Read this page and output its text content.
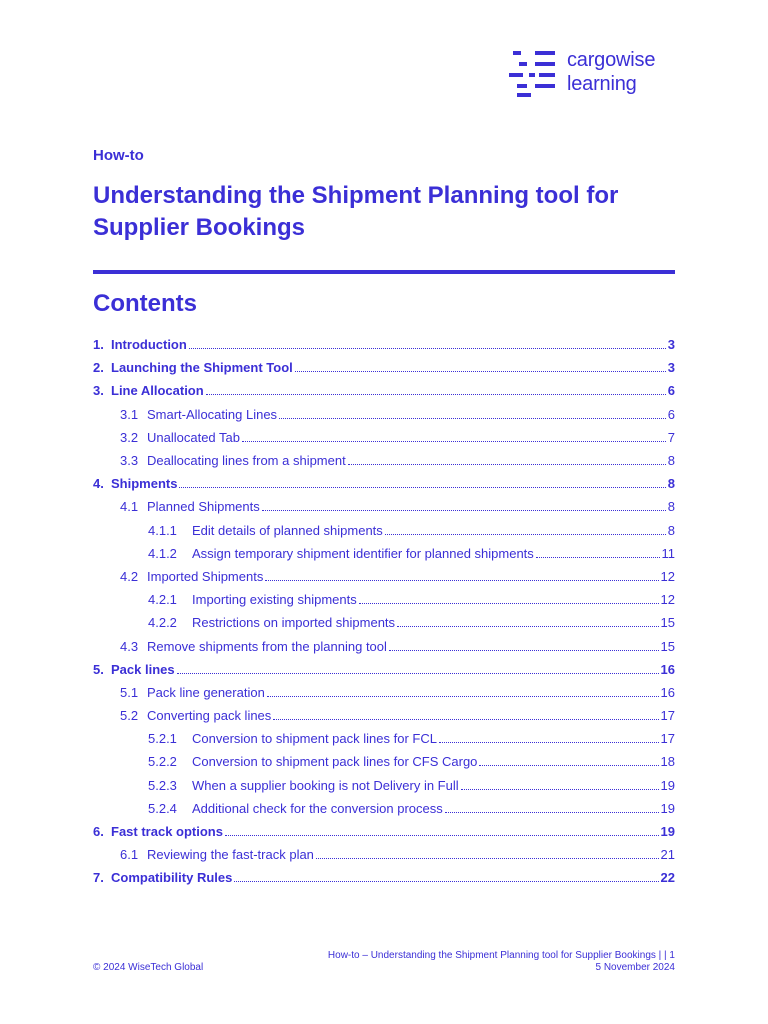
cargowise
learning
How-to
Understanding the Shipment Planning tool for Supplier Bookings
Contents
1. Introduction	3
2. Launching the Shipment Tool	3
3. Line Allocation	6
3.1 Smart-Allocating Lines	6
3.2 Unallocated Tab	7
3.3 Deallocating lines from a shipment	8
4. Shipments	8
4.1 Planned Shipments	8
4.1.1	Edit details of planned shipments	8
4.1.2	Assign temporary shipment identifier for planned shipments	11
4.2 Imported Shipments	12
4.2.1	Importing existing shipments	12
4.2.2	Restrictions on imported shipments	15
4.3 Remove shipments from the planning tool	15
5. Pack lines	16
5.1 Pack line generation	16
5.2 Converting pack lines	17
5.2.1	Conversion to shipment pack lines for FCL	17
5.2.2	Conversion to shipment pack lines for CFS Cargo	18
5.2.3	When a supplier booking is not Delivery in Full	19
5.2.4	Additional check for the conversion process	19
6. Fast track options	19
6.1 Reviewing the fast-track plan	21
7. Compatibility Rules	22
How-to – Understanding the Shipment Planning tool for Supplier Bookings | | 1
© 2024 WiseTech Global	5 November 2024
